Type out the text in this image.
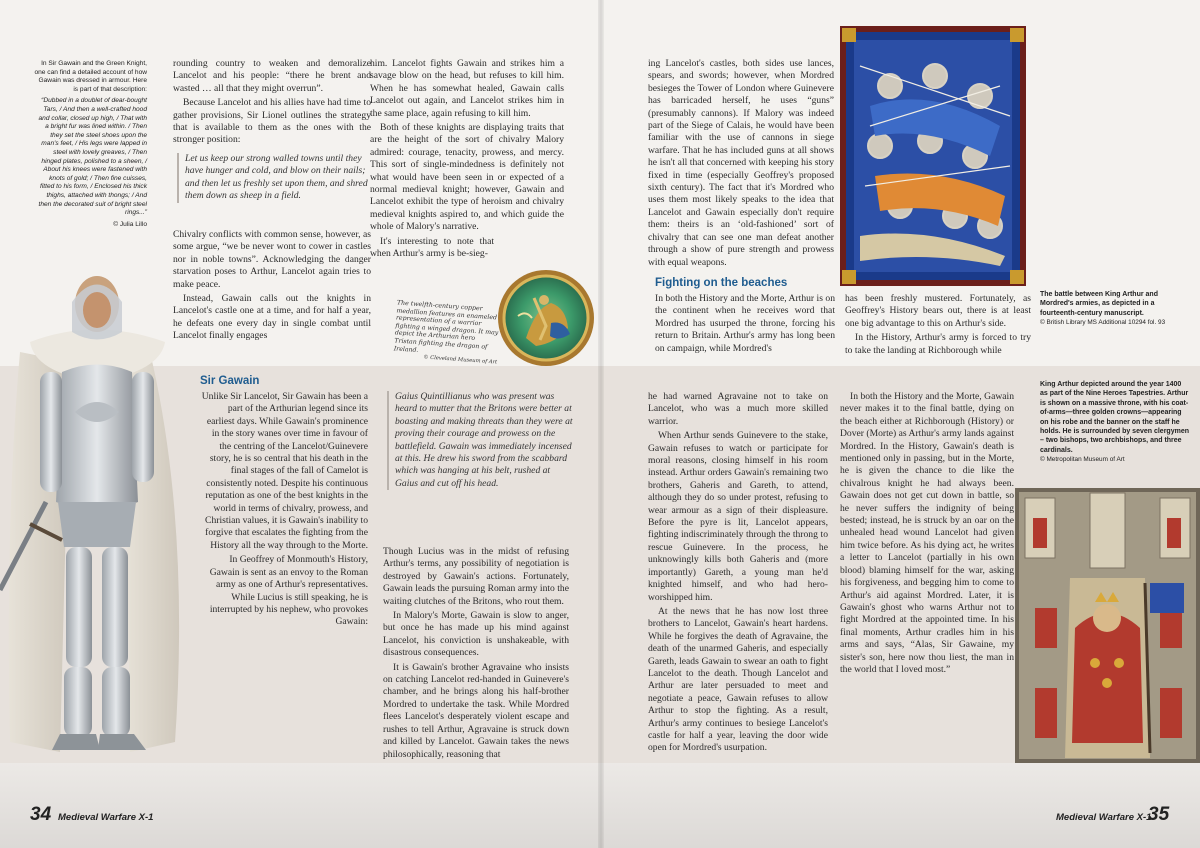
In Sir Gawain and the Green Knight, one can find a detailed account of how Gawain was dressed in armour. Here is part of that description:

“Dubbed in a doublet of dear-bought Tars, / And then a well-crafted hood and collar, closed up high, / That with a bright fur was lined within. / Then they set the steel shoes upon the man's feet, / His legs were lapped in steel with lovely greaves, / Then hinged plates, polished to a sheen, / About his knees were fastened with knots of gold; / Then fine cuisses, fitted to his form, / Enclosed his thick thighs, attached with thongs; / And then the decorated suit of bright steel rings...”

© Julia Lillo

rounding country to weaken and demoralize Lancelot and his people: “there he brent and wasted … all that they might overrun”.

Because Lancelot and his allies have had time to gather provisions, Sir Lionel outlines the strategy that is available to them as the ones with the stronger position:

Let us keep our strong walled towns until they have hunger and cold, and blow on their nails; and then let us freshly set upon them, and shred them down as sheep in a field.

Chivalry conflicts with common sense, however, as some argue, “we be never wont to cower in castles nor in noble towns”. Acknowledging the danger starvation poses to Arthur, Lancelot again tries to make peace.

Instead, Gawain calls out the knights in Lancelot's castle one at a time, and for half a year, he defeats one every day in single combat until Lancelot finally engages

him. Lancelot fights Gawain and strikes him a savage blow on the head, but refuses to kill him. When he has somewhat healed, Gawain calls Lancelot out again, and Lancelot strikes him in the same place, again refusing to kill him.

Both of these knights are displaying traits that are the height of the sort of chivalry Malory admired: courage, tenacity, prowess, and mercy. This sort of single-mindedness is definitely not what would have been seen in or expected of a normal medieval knight; however, Gawain and Lancelot exhibit the type of heroism and chivalry medieval knights aspired to, and which guide the whole of Malory's narrative.

It's interesting to note that when Arthur's army is be-sieg-

The twelfth-century copper medallion features an enameled representation of a warrior fighting a winged dragon. It may depict the Arthurian hero Tristan fighting the dragon of Ireland.
© Cleveland Museum of Art
Sir Gawain

Unlike Sir Lancelot, Sir Gawain has been a part of the Arthurian legend since its earliest days. While Gawain's prominence in the story wanes over time in favour of the centring of the Lancelot/Guinevere story, he is so central that his death in the final stages of the fall of Camelot is consistently noted. Despite his continuous reputation as one of the best knights in the world in terms of chivalry, prowess, and Christian values, it is Gawain's inability to forgive that escalates the fighting from the History all the way through to the Morte.

In Geoffrey of Monmouth's History, Gawain is sent as an envoy to the Roman army as one of Arthur's representatives. While Lucius is still speaking, he is interrupted by his nephew, who provokes Gawain:

Gaius Quintillianus who was present was heard to mutter that the Britons were better at boasting and making threats than they were at proving their courage and prowess on the battlefield. Gawain was immediately incensed at this. He drew his sword from the scabbard which was hanging at his belt, rushed at Gaius and cut off his head.

Though Lucius was in the midst of refusing Arthur's terms, any possibility of negotiation is destroyed by Gawain's actions. Fortunately, Gawain leads the pursuing Roman army into the waiting clutches of the Britons, who rout them.

In Malory's Morte, Gawain is slow to anger, but once he has made up his mind against Lancelot, his conviction is unshakeable, with disastrous consequences.

It is Gawain's brother Agravaine who insists on catching Lancelot red-handed in Guinevere's chamber, and he brings along his half-brother Mordred to undertake the task. While Mordred flees Lancelot's desperately violent escape and rushes to tell Arthur, Agravaine is struck down and killed by Lancelot. Gawain takes the news philosophically, reasoning that

34 Medieval Warfare X-1

ing Lancelot's castles, both sides use lances, spears, and swords; however, when Mordred besieges the Tower of London where Guinevere has barricaded herself, he uses “guns” (presumably cannons). If Malory was indeed part of the Siege of Calais, he would have been familiar with the use of cannons in siege warfare. That he has included guns at all shows he isn't all that concerned with keeping his story fixed in time (especially Geoffrey's proposed sixth century). The fact that it's Mordred who uses them most likely speaks to the idea that Lancelot and Gawain especially don't require them: theirs is an ‘old-fashioned’ sort of chivalry that can see one man defeat another through a show of pure strength and prowess with equal weapons.

The battle between King Arthur and Mordred's armies, as depicted in a fourteenth-century manuscript.
© British Library MS Additional 10294 fol. 93
Fighting on the beaches

In both the History and the Morte, Arthur is on the continent when he receives word that Mordred has usurped the throne, forcing his return to Britain. Arthur's army has long been on campaign, while Mordred's

has been freshly mustered. Fortunately, as Geoffrey's History bears out, there is at least one big advantage to this on Arthur's side.

In the History, Arthur's army is forced to try to take the landing at Richborough while

he had warned Agravaine not to take on Lancelot, who was a much more skilled warrior.

When Arthur sends Guinevere to the stake, Gawain refuses to watch or participate for moral reasons, closing himself in his room instead. Arthur orders Gawain's remaining two brothers, Gaheris and Gareth, to attend, although they do so under protest, refusing to wear armour as a sign of their displeasure. Before the pyre is lit, Lancelot appears, fighting indiscriminately through the throng to rescue Guinevere. In the process, he unknowingly kills both Gaheris and (more importantly) Gareth, a young man he'd knighted himself, and who had hero-worshipped him.

At the news that he has now lost three brothers to Lancelot, Gawain's heart hardens. While he forgives the death of Agravaine, the death of the unarmed Gaheris, and especially Gareth, leads Gawain to swear an oath to fight Lancelot to the death. Though Lancelot and Arthur are later persuaded to meet and negotiate a peace, Gawain refuses to allow Arthur to stop the fighting. As a result, Arthur's army continues to besiege Lancelot's castle for half a year, leaving the door wide open for Mordred's usurpation.

In both the History and the Morte, Gawain never makes it to the final battle, dying on the beach either at Richborough (History) or Dover (Morte) as Arthur's army lands against Mordred. In the History, Gawain's death is mentioned only in passing, but in the Morte, he is given the chance to die like the chivalrous knight he had always been. Gawain does not get cut down in battle, so he never suffers the indignity of being bested; instead, he is struck by an oar on the unhealed head wound Lancelot had given him twice before. As his dying act, he writes a letter to Lancelot (partially in his own blood) blaming himself for the war, asking his forgiveness, and begging him to come to Arthur's aid against Mordred. Later, it is Gawain's ghost who warns Arthur not to fight Mordred at the appointed time. In his final moments, Arthur cradles him in his arms and says, “Alas, Sir Gawaine, my sister's son, here now thou liest, the man in the world that I loved most.”

King Arthur depicted around the year 1400 as part of the Nine Heroes Tapestries. Arthur is shown on a massive throne, with his coat-of-arms—three golden crowns—appearing on his robe and the banner on the staff he holds. He is surrounded by seven clergymen – two bishops, two archbishops, and three cardinals.
© Metropolitan Museum of Art
Medieval Warfare X-1
35
